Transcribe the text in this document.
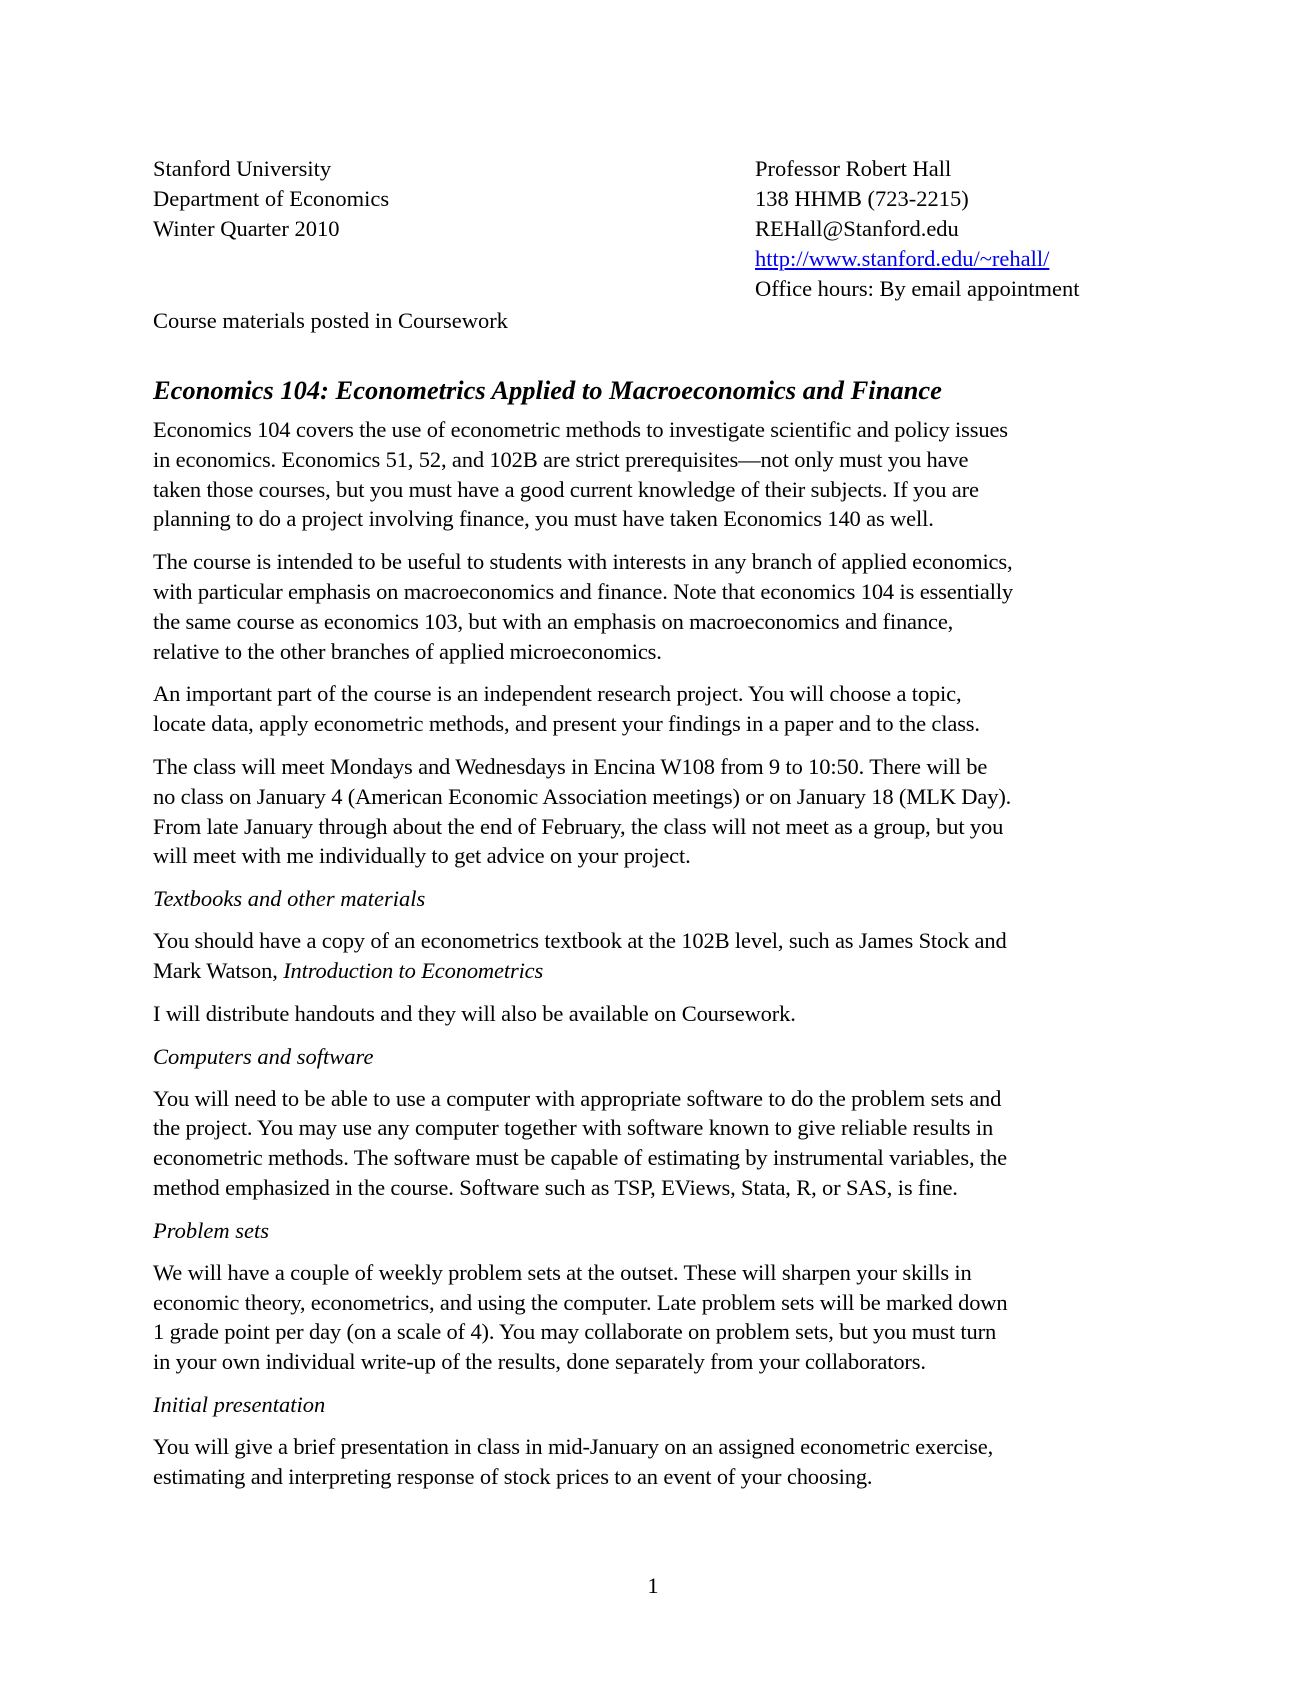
Stanford University
Department of Economics
Winter Quarter 2010
Professor Robert Hall
138 HHMB (723-2215)
REHall@Stanford.edu
http://www.stanford.edu/~rehall/
Office hours: By email appointment
Course materials posted in Coursework
Economics 104: Econometrics Applied to Macroeconomics and Finance
Economics 104 covers the use of econometric methods to investigate scientific and policy issues
in economics. Economics 51, 52, and 102B are strict prerequisites—not only must you have
taken those courses, but you must have a good current knowledge of their subjects. If you are
planning to do a project involving finance, you must have taken Economics 140 as well.
The course is intended to be useful to students with interests in any branch of applied economics,
with particular emphasis on macroeconomics and finance. Note that economics 104 is essentially
the same course as economics 103, but with an emphasis on macroeconomics and finance,
relative to the other branches of applied microeconomics.
An important part of the course is an independent research project. You will choose a topic,
locate data, apply econometric methods, and present your findings in a paper and to the class.
The class will meet Mondays and Wednesdays in Encina W108 from 9 to 10:50. There will be
no class on January 4 (American Economic Association meetings) or on January 18 (MLK Day).
From late January through about the end of February, the class will not meet as a group, but you
will meet with me individually to get advice on your project.
Textbooks and other materials
You should have a copy of an econometrics textbook at the 102B level, such as James Stock and
Mark Watson, Introduction to Econometrics
I will distribute handouts and they will also be available on Coursework.
Computers and software
You will need to be able to use a computer with appropriate software to do the problem sets and
the project. You may use any computer together with software known to give reliable results in
econometric methods. The software must be capable of estimating by instrumental variables, the
method emphasized in the course. Software such as TSP, EViews, Stata, R, or SAS, is fine.
Problem sets
We will have a couple of weekly problem sets at the outset. These will sharpen your skills in
economic theory, econometrics, and using the computer. Late problem sets will be marked down
1 grade point per day (on a scale of 4). You may collaborate on problem sets, but you must turn
in your own individual write-up of the results, done separately from your collaborators.
Initial presentation
You will give a brief presentation in class in mid-January on an assigned econometric exercise,
estimating and interpreting response of stock prices to an event of your choosing.
1
